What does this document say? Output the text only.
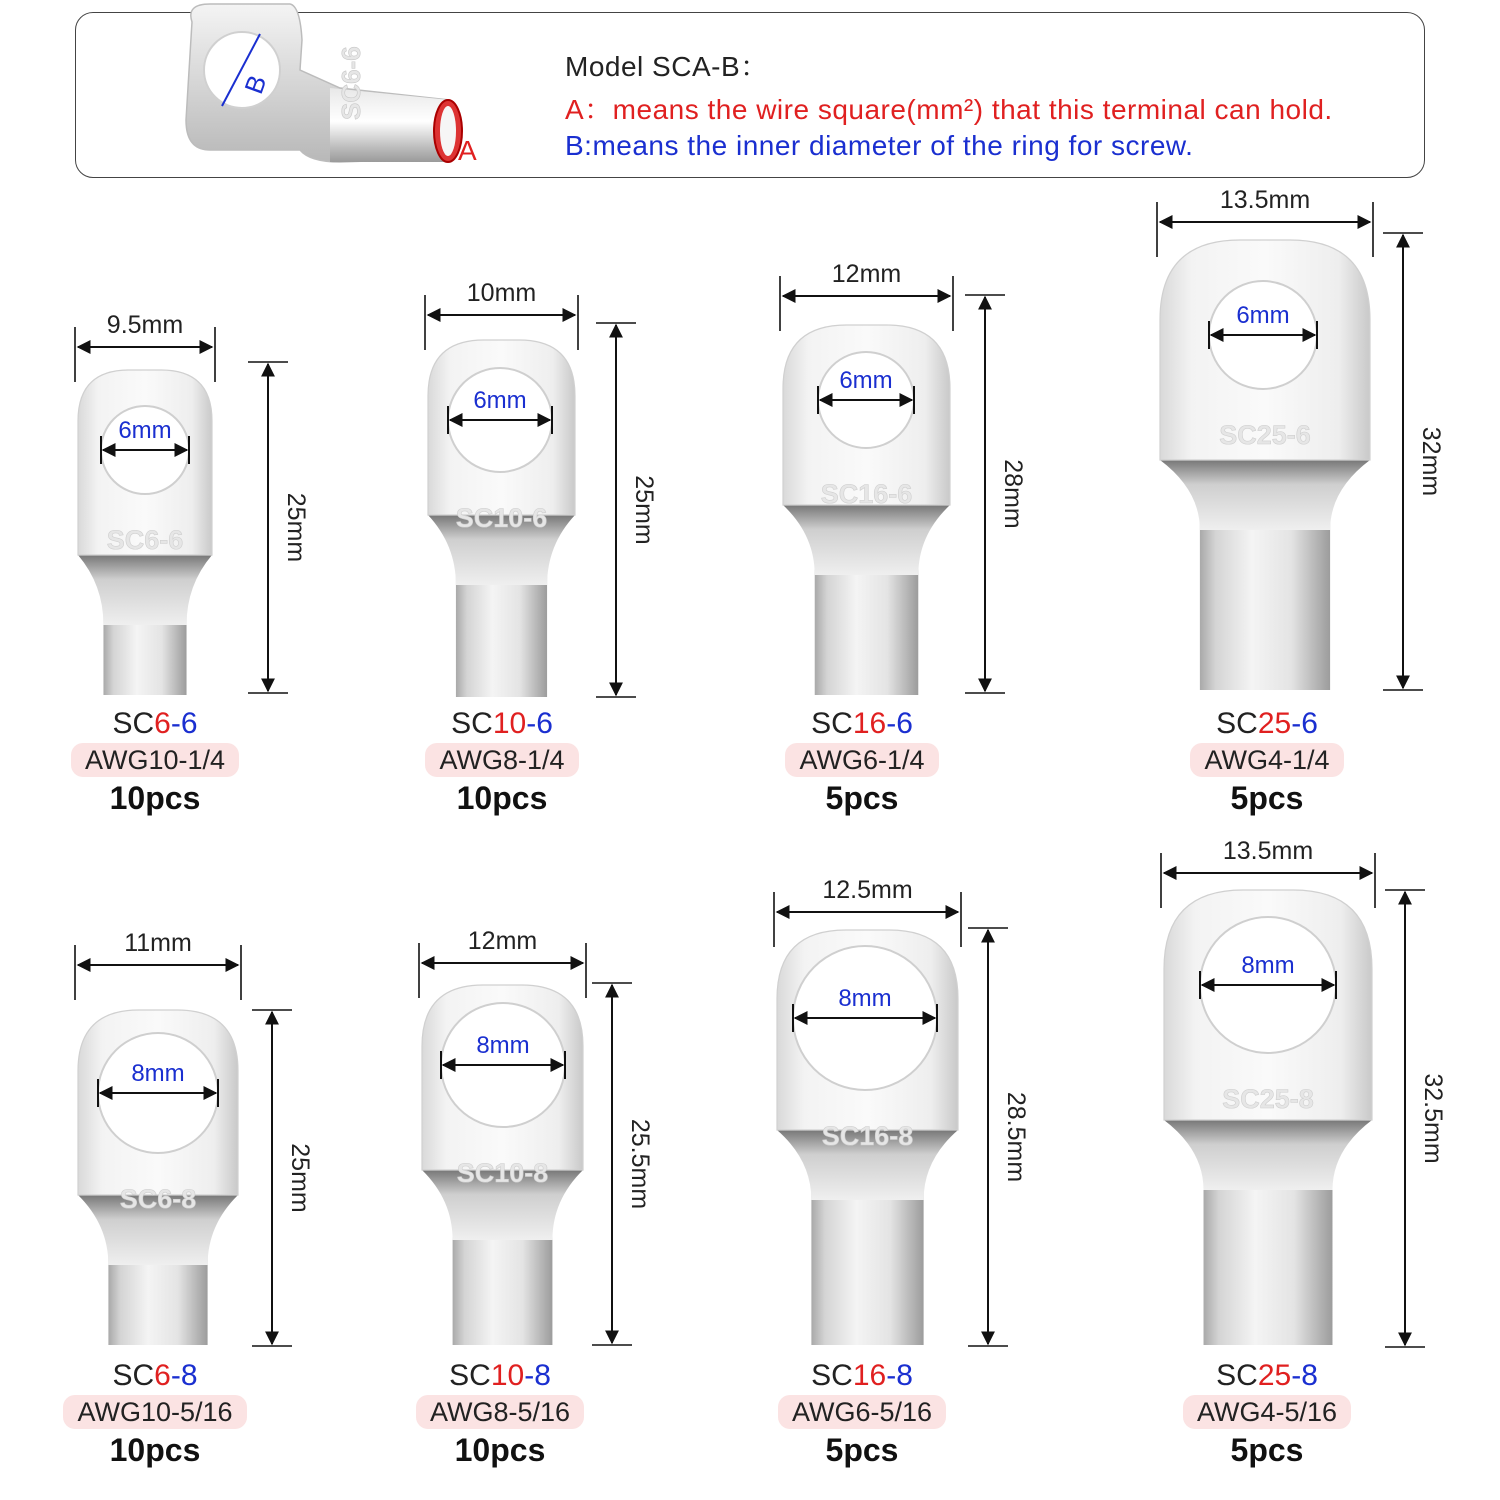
B SC6-6
A
Model SCA-B：
A：means the wire square(mm²) that this terminal can hold.
B:means the inner diameter of the ring for screw.
6mm
SC6-6
9.5mm
25mm
6mm
SC10-6
10mm
25mm
6mm
SC16-6
12mm
28mm
6mm
SC25-6
13.5mm
32mm
8mm
SC6-8
11mm
25mm
8mm
SC10-8
12mm
25.5mm
8mm
SC16-8
12.5mm
28.5mm
8mm
SC25-8
13.5mm
32.5mm
SC6-6
AWG10-1/4
10pcs
SC10-6
AWG8-1/4
10pcs
SC16-6
AWG6-1/4
5pcs
SC25-6
AWG4-1/4
5pcs
SC6-8
AWG10-5/16
10pcs
SC10-8
AWG8-5/16
10pcs
SC16-8
AWG6-5/16
5pcs
SC25-8
AWG4-5/16
5pcs
